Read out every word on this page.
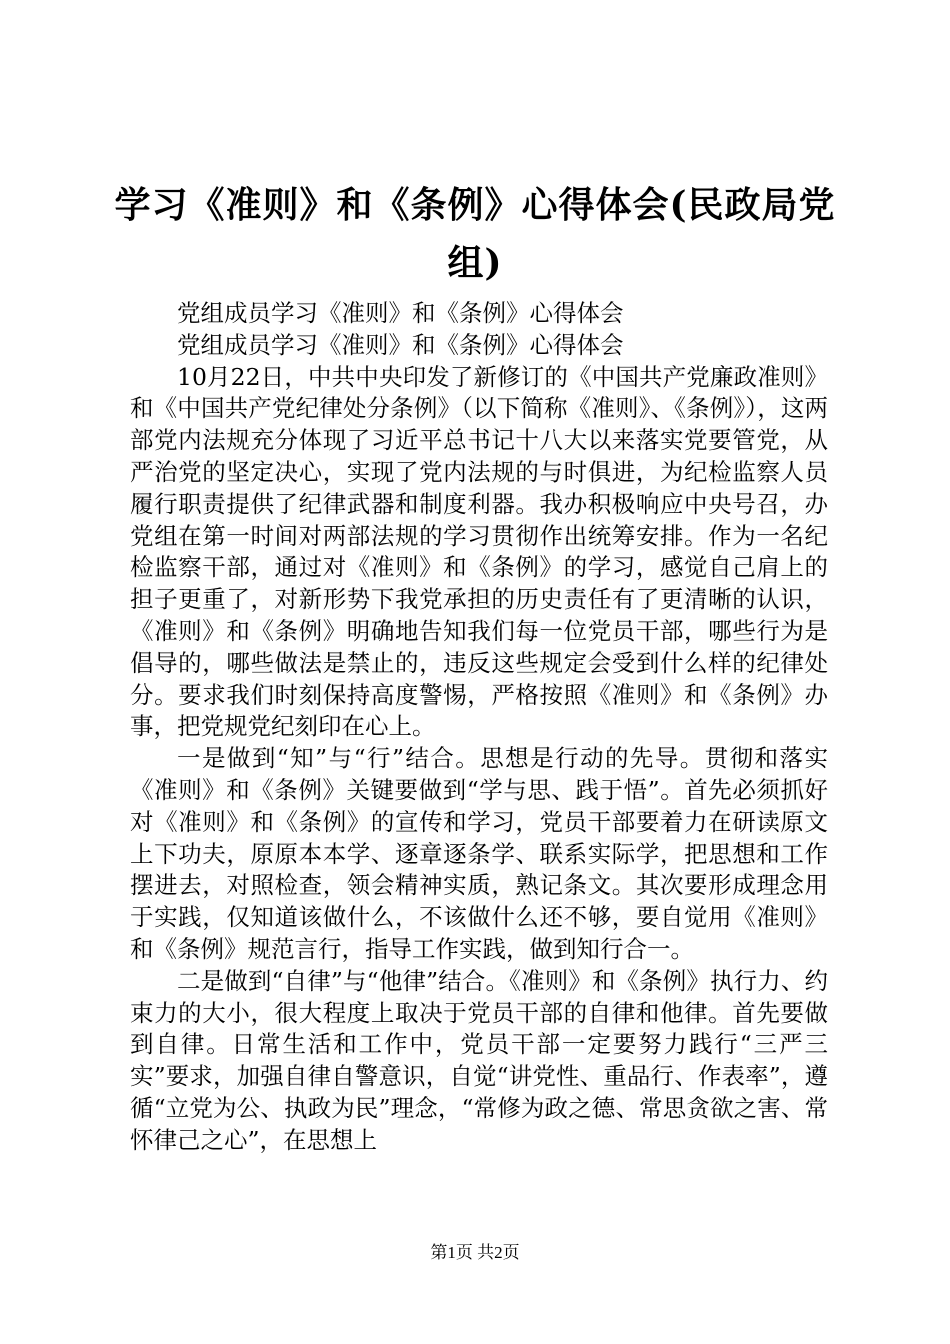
学习《准则》和《条例》心得体会(民政局党组)

党组成员学习《准则》和《条例》心得体会

党组成员学习《准则》和《条例》心得体会

10月22日，中共中央印发了新修订的《中国共产党廉政准则》和《中国共产党纪律处分条例》（以下简称《准则》、《条例》），这两部党内法规充分体现了习近平总书记十八大以来落实党要管党，从严治党的坚定决心，实现了党内法规的与时俱进，为纪检监察人员履行职责提供了纪律武器和制度利器。我办积极响应中央号召，办党组在第一时间对两部法规的学习贯彻作出统筹安排。作为一名纪检监察干部，通过对《准则》和《条例》的学习，感觉自己肩上的担子更重了，对新形势下我党承担的历史责任有了更清晰的认识，《准则》和《条例》明确地告知我们每一位党员干部，哪些行为是倡导的，哪些做法是禁止的，违反这些规定会受到什么样的纪律处分。要求我们时刻保持高度警惕，严格按照《准则》和《条例》办事，把党规党纪刻印在心上。

一是做到“知”与“行”结合。思想是行动的先导。贯彻和落实《准则》和《条例》关键要做到“学与思、践于悟”。首先必须抓好对《准则》和《条例》的宣传和学习，党员干部要着力在研读原文上下功夫，原原本本学、逐章逐条学、联系实际学，把思想和工作摆进去，对照检查，领会精神实质，熟记条文。其次要形成理念用于实践，仅知道该做什么，不该做什么还不够，要自觉用《准则》和《条例》规范言行，指导工作实践，做到知行合一。

二是做到“自律”与“他律”结合。《准则》和《条例》执行力、约束力的大小，很大程度上取决于党员干部的自律和他律。首先要做到自律。日常生活和工作中，党员干部一定要努力践行“三严三实”要求，加强自律自警意识，自觉“讲党性、重品行、作表率”，遵循“立党为公、执政为民”理念，“常修为政之德、常思贪欲之害、常怀律己之心”，在思想上

第1页 共2页
